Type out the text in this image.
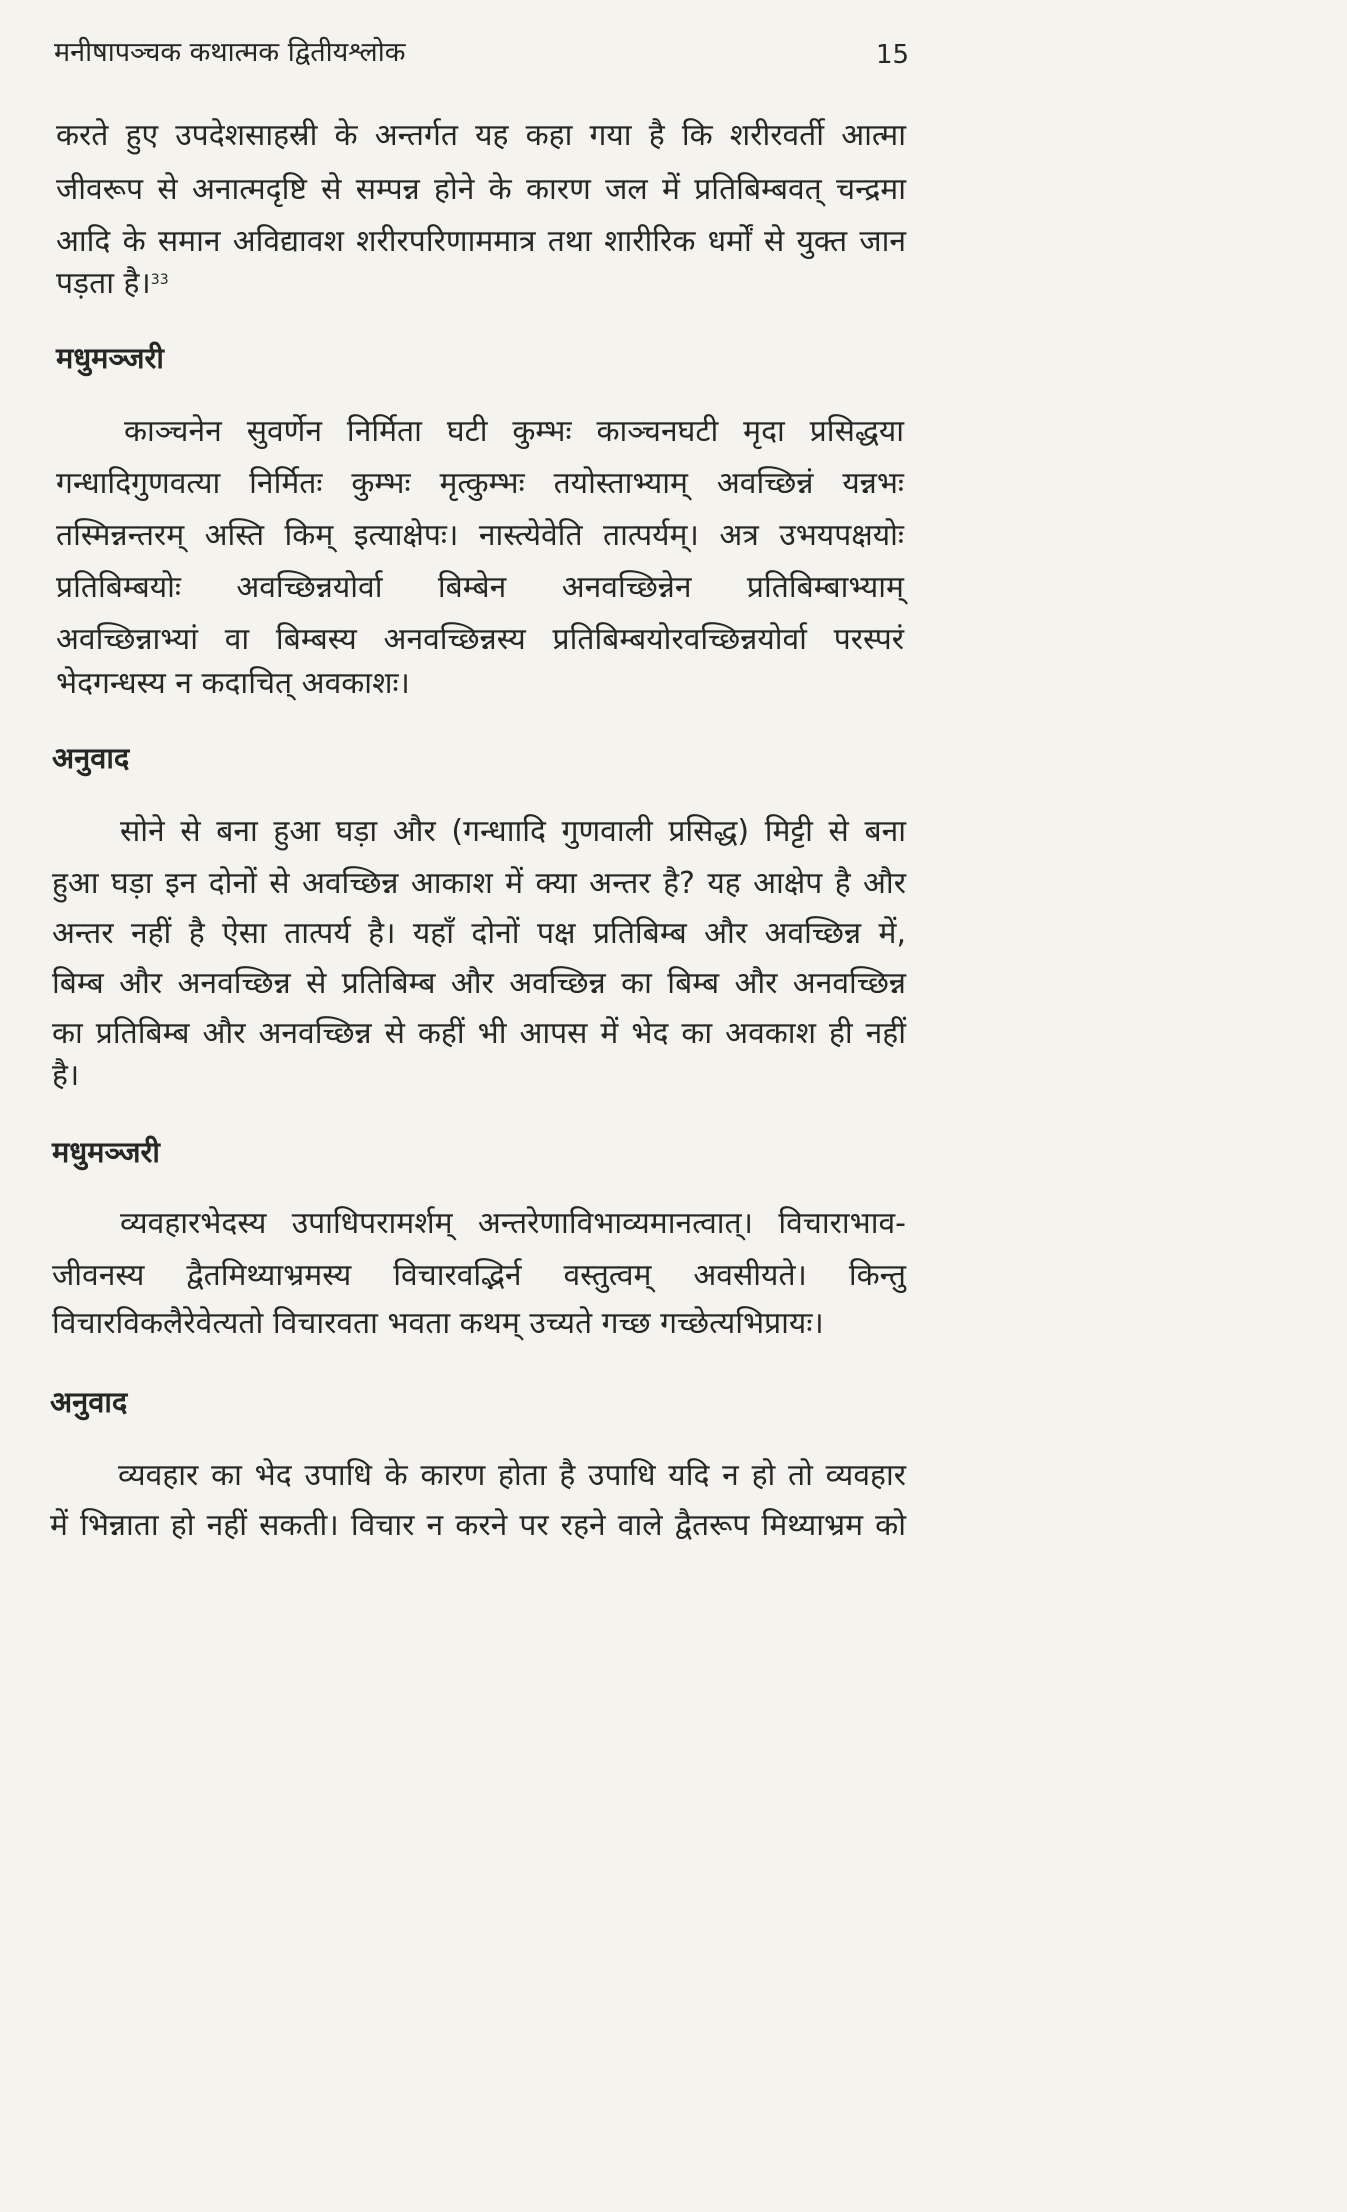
मनीषापञ्चक कथात्मक द्वितीयश्लोक	15
करते हुए उपदेशसाहस्री के अन्तर्गत यह कहा गया है कि शरीरवर्ती आत्मा
जीवरूप से अनात्मदृष्टि से सम्पन्न होने के कारण जल में प्रतिबिम्बवत् चन्द्रमा
आदि के समान अविद्यावश शरीरपरिणाममात्र तथा शारीरिक धर्मों से युक्त जान
पड़ता है।$^{33}$
मधुमञ्जरी
काञ्चनेन सुवर्णेन निर्मिता घटी कुम्भः काञ्चनघटी मृदा प्रसिद्धया
गन्धादिगुणवत्या निर्मितः कुम्भः मृत्कुम्भः तयोस्ताभ्याम् अवच्छिन्नं यन्नभः
तस्मिन्नन्तरम् अस्ति किम् इत्याक्षेपः। नास्त्येवेति तात्पर्यम्। अत्र उभयपक्षयोः
प्रतिबिम्बयोः अवच्छिन्नयोर्वा बिम्बेन अनवच्छिन्नेन प्रतिबिम्बाभ्याम्
अवच्छिन्नाभ्यां वा बिम्बस्य अनवच्छिन्नस्य प्रतिबिम्बयोरवच्छिन्नयोर्वा परस्परं
भेदगन्धस्य न कदाचित् अवकाशः।
अनुवाद
सोने से बना हुआ घड़ा और (गन्धाादि गुणवाली प्रसिद्ध) मिट्टी से बना
हुआ घड़ा इन दोनों से अवच्छिन्न आकाश में क्या अन्तर है? यह आक्षेप है और
अन्तर नहीं है ऐसा तात्पर्य है। यहाँ दोनों पक्ष प्रतिबिम्ब और अवच्छिन्न में,
बिम्ब और अनवच्छिन्न से प्रतिबिम्ब और अवच्छिन्न का बिम्ब और अनवच्छिन्न
का प्रतिबिम्ब और अनवच्छिन्न से कहीं भी आपस में भेद का अवकाश ही नहीं
है।
मधुमञ्जरी
व्यवहारभेदस्य उपाधिपरामर्शम् अन्तरेणाविभाव्यमानत्वात्। विचाराभाव-
जीवनस्य द्वैतमिथ्याभ्रमस्य विचारवद्भिर्न वस्तुत्वम् अवसीयते। किन्तु
विचारविकलैरेवेत्यतो विचारवता भवता कथम् उच्यते गच्छ गच्छेत्यभिप्रायः।
अनुवाद
व्यवहार का भेद उपाधि के कारण होता है उपाधि यदि न हो तो व्यवहार
में भिन्नाता हो नहीं सकती। विचार न करने पर रहने वाले द्वैतरूप मिथ्याभ्रम को
